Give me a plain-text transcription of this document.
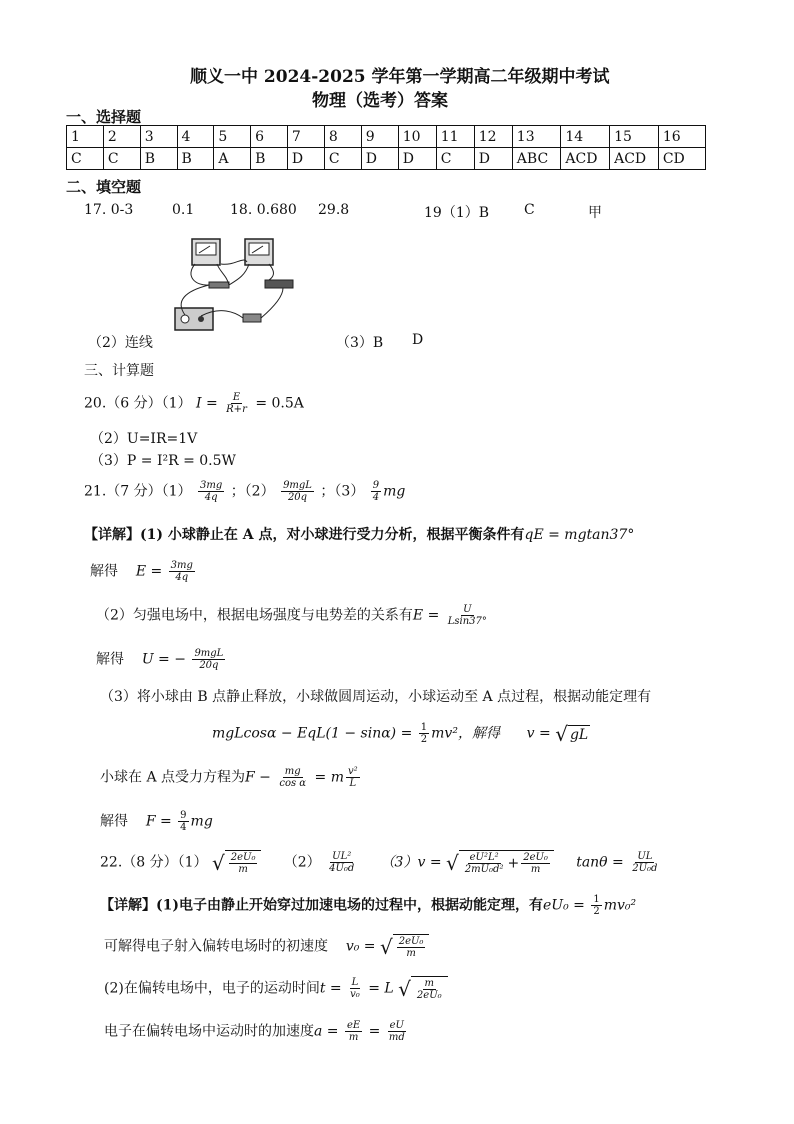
顺义一中 2024-2025 学年第一学期高二年级期中考试
物理（选考）答案
一、选择题
1	2	3	4	5	6	7	8	9	10	11	12	13	14	15	16
C	C	B	B	A	B	D	C	D	D	C	D	ABC	ACD	ACD	CD
二、填空题
17. 0-3	0.1	18. 0.680 29.8	19（1）B C	甲
（2）连线	（3）B D
三、计算题
20.（6 分）（1） $I = \frac{E}{R+r} = 0.5A$
（2）U=IR=1V
（3）P = I²R = 0.5W
21.（7 分）$(1) \frac{3mg}{4q}$ ；$(2) \frac{\text{9mgL}}{20q}$ ；$(3) \frac{9}{4}$ mg
【详解】(1) 小球静止在 A 点，对小球进行受力分析，根据平衡条件有qE = mgtan37°
解得 $E = \frac{3mg}{4q}$
（2）匀强电场中，根据电场强度与电势差的关系有$E = \frac{U}{Lsin37^\circ}$
解得 U = − $\frac{\text{9mgL}}{20q}$
（3）将小球由 B 点静止释放，小球做圆周运动，小球运动至 A 点过程，根据动能定理有
$mgLcos\alpha - EqL(1 - \sin\alpha) = \frac{1}{2} mv^2$，解得 v = √ gL
小球在 A 点受力方程为$F - \frac{mg}{\text{cos α}} = m \frac{\text{v²}}{L}$
解得 $F = \frac{9}{4}$ mg
22.（8 分）（1） √ $\frac{\text{2eU₀}}{m} (2) \frac{\text{UL²}}{\text{4U₀d}} (3)v$ = √ $\frac{\text{eU²L²}}{\text{2mU₀d²}} + \frac{\text{2eU₀}}{m}$ $\tan\theta = \frac{UL}{\text{2U₀d}}$
【详解】(1)电子由静止开始穿过加速电场的过程中，根据动能定理，有$eU_0 = \frac{1}{2} mv_0^2$
可解得电子射入偏转电场时的初速度 v₀ = √ $\frac{\text{2eU₀}}{m}$
(2)在偏转电场中，电子的运动时间$t = \frac{L}{\text{v₀}} = L$ √ $\frac{m}{\text{2eU₀}}$
电子在偏转电场中运动时的加速度$a = \frac{eE}{m} = \frac{eU}{md}$
